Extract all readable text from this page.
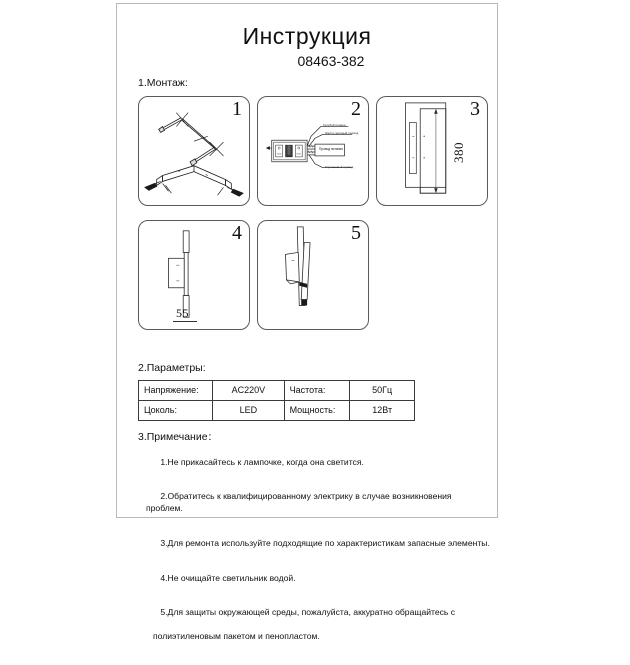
Инструкция
08463-382
1.Монтаж:
1	2
Голубой провод
Желто-зеленый провод
Провод питания
Коричневый провод
3
380
4
55
5
2.Параметры:
Напряжение:	AC220V	Частота:	50Гц
Цоколь:	LED	Мощность:	12Вт
3.Примечание：

1.Не прикасайтесь к лампочке, когда она светится.

2.Обратитесь к квалифицированному электрику в случае возникновения проблем.

3.Для ремонта используйте подходящие по характеристикам запасные элементы.

4.Не очищайте светильник водой.

5.Для защиты окружающей среды, пожалуйста, аккуратно обращайтесь с

полиэтиленовым пакетом и пенопластом.
